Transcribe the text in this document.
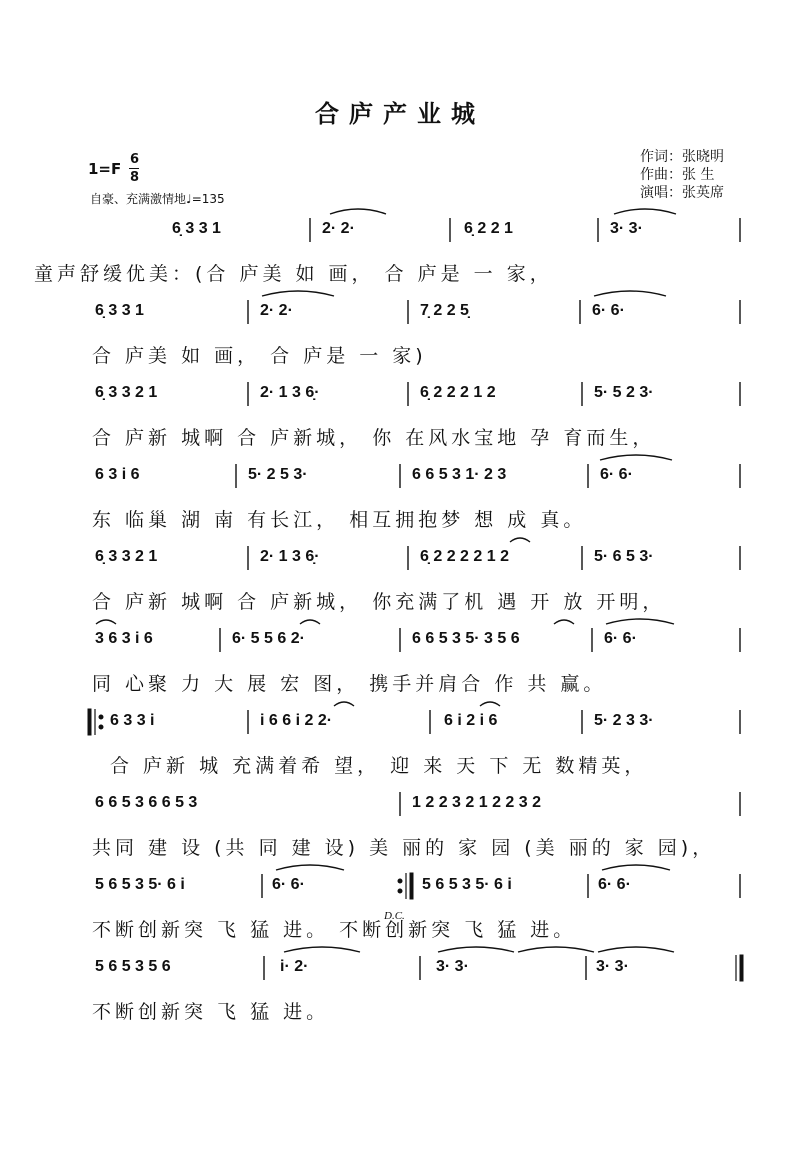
合庐产业城
1=F
6
8
自豪、充满激情地♩=135
作词：张晓明
作曲：张 生
演唱：张英席
6̣ 3 3 1	2· 2·	6̣ 2 2 1	3· 3·
童声舒缓优美：(合 庐美 如 画， 合 庐是 一 家，
6̣ 3 3 1	2· 2·	7̣ 2 2 5̣	6· 6·
合 庐美 如 画， 合 庐是 一 家)
6̣ 3 3 2 1	2· 1 3 6̣·	6̣ 2 2 2 1 2	5· 5 2 3·
合 庐新 城啊 合 庐新城， 你 在风水宝地 孕 育而生，
6 3 i 6	5· 2 5 3·	6 6 5 3 1· 2 3	6· 6·
东 临巢 湖 南 有长江， 相互拥抱梦 想 成 真。
6̣ 3 3 2 1	2· 1 3 6̣·	6̣ 2 2 2 2 1 2	5· 6 5 3·
合 庐新 城啊 合 庐新城， 你充满了机 遇 开 放 开明，
3 6 3 i 6	6· 5 5 6 2·	6 6 5 3 5· 3 5 6	6· 6·
同 心聚 力 大 展 宏 图， 携手并肩合 作 共 赢。
6 3 3 i	i 6 6 i 2 2·	6 i 2 i 6	5· 2 3 3·
合 庐新 城 充满着希 望， 迎 来 天 下 无 数精英，
6 6 5 3 6 6 5 3	1 2 2 3 2 1 2 2 3 2
共同 建 设 (共 同 建 设) 美 丽的 家 园 (美 丽的 家 园)，
5 6 5 3 5· 6 i	6· 6·	5 6 5 3 5· 6 i	6· 6·
D.C.
不断创新突 飞 猛 进。 不断创新突 飞 猛 进。
5 6 5 3 5 6	i· 2·	3· 3·	3· 3·
不断创新突 飞 猛 进。
